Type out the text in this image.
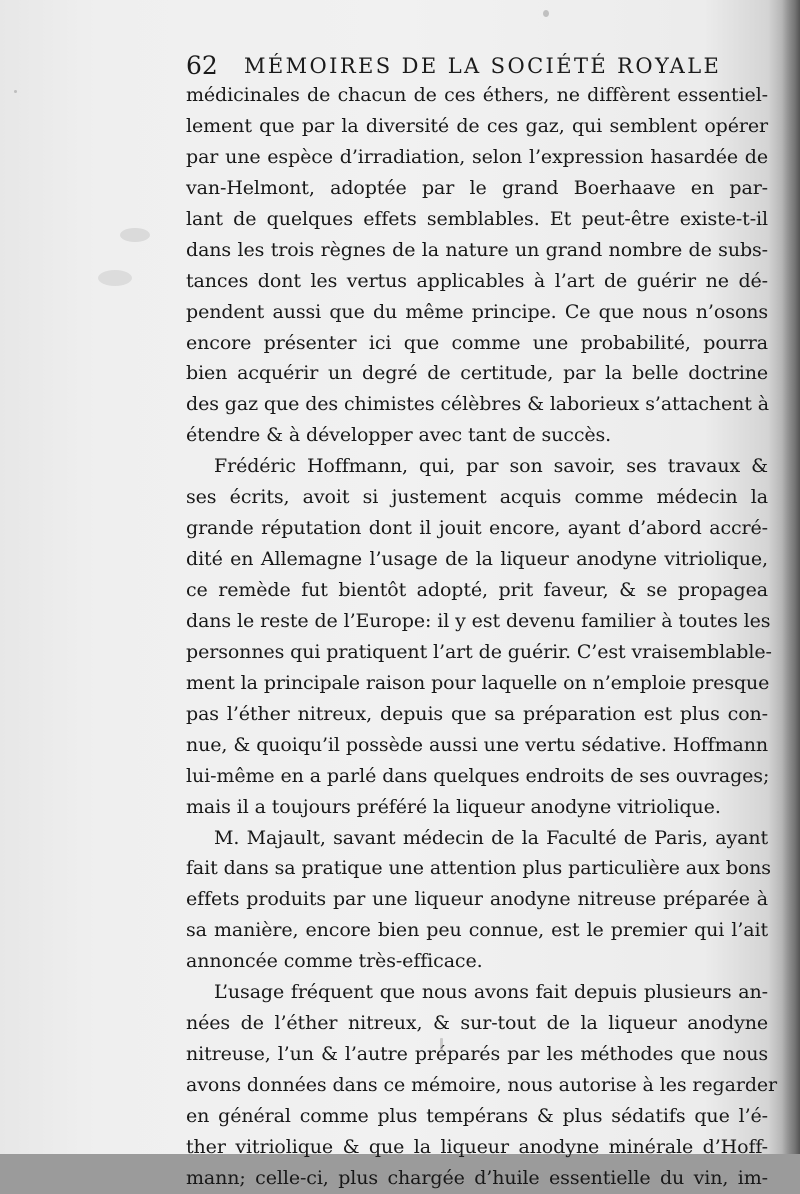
62 MÉMOIRES DE LA SOCIÉTÉ ROYALE
médicinales de chacun de ces éthers, ne diffèrent essentiel-
lement que par la diversité de ces gaz, qui semblent opérer
par une espèce d’irradiation, selon l’expression hasardée de
van-Helmont, adoptée par le grand Boerhaave en par-
lant de quelques effets semblables. Et peut-être existe-t-il
dans les trois règnes de la nature un grand nombre de subs-
tances dont les vertus applicables à l’art de guérir ne dé-
pendent aussi que du même principe. Ce que nous n’osons
encore présenter ici que comme une probabilité, pourra
bien acquérir un degré de certitude, par la belle doctrine
des gaz que des chimistes célèbres & laborieux s’attachent à
étendre & à développer avec tant de succès.
Frédéric Hoffmann, qui, par son savoir, ses travaux &
ses écrits, avoit si justement acquis comme médecin la
grande réputation dont il jouit encore, ayant d’abord accré-
dité en Allemagne l’usage de la liqueur anodyne vitriolique,
ce remède fut bientôt adopté, prit faveur, & se propagea
dans le reste de l’Europe: il y est devenu familier à toutes les
personnes qui pratiquent l’art de guérir. C’est vraisemblable-
ment la principale raison pour laquelle on n’emploie presque
pas l’éther nitreux, depuis que sa préparation est plus con-
nue, & quoiqu’il possède aussi une vertu sédative. Hoffmann
lui-même en a parlé dans quelques endroits de ses ouvrages;
mais il a toujours préféré la liqueur anodyne vitriolique.
M. Majault, savant médecin de la Faculté de Paris, ayant
fait dans sa pratique une attention plus particulière aux bons
effets produits par une liqueur anodyne nitreuse préparée à
sa manière, encore bien peu connue, est le premier qui l’ait
annoncée comme très-efficace.
L’usage fréquent que nous avons fait depuis plusieurs an-
nées de l’éther nitreux, & sur-tout de la liqueur anodyne
nitreuse, l’un & l’autre préparés par les méthodes que nous
avons données dans ce mémoire, nous autorise à les regarder
en général comme plus tempérans & plus sédatifs que l’é-
ther vitriolique & que la liqueur anodyne minérale d’Hoff-
mann; celle-ci, plus chargée d’huile essentielle du vin, im-
